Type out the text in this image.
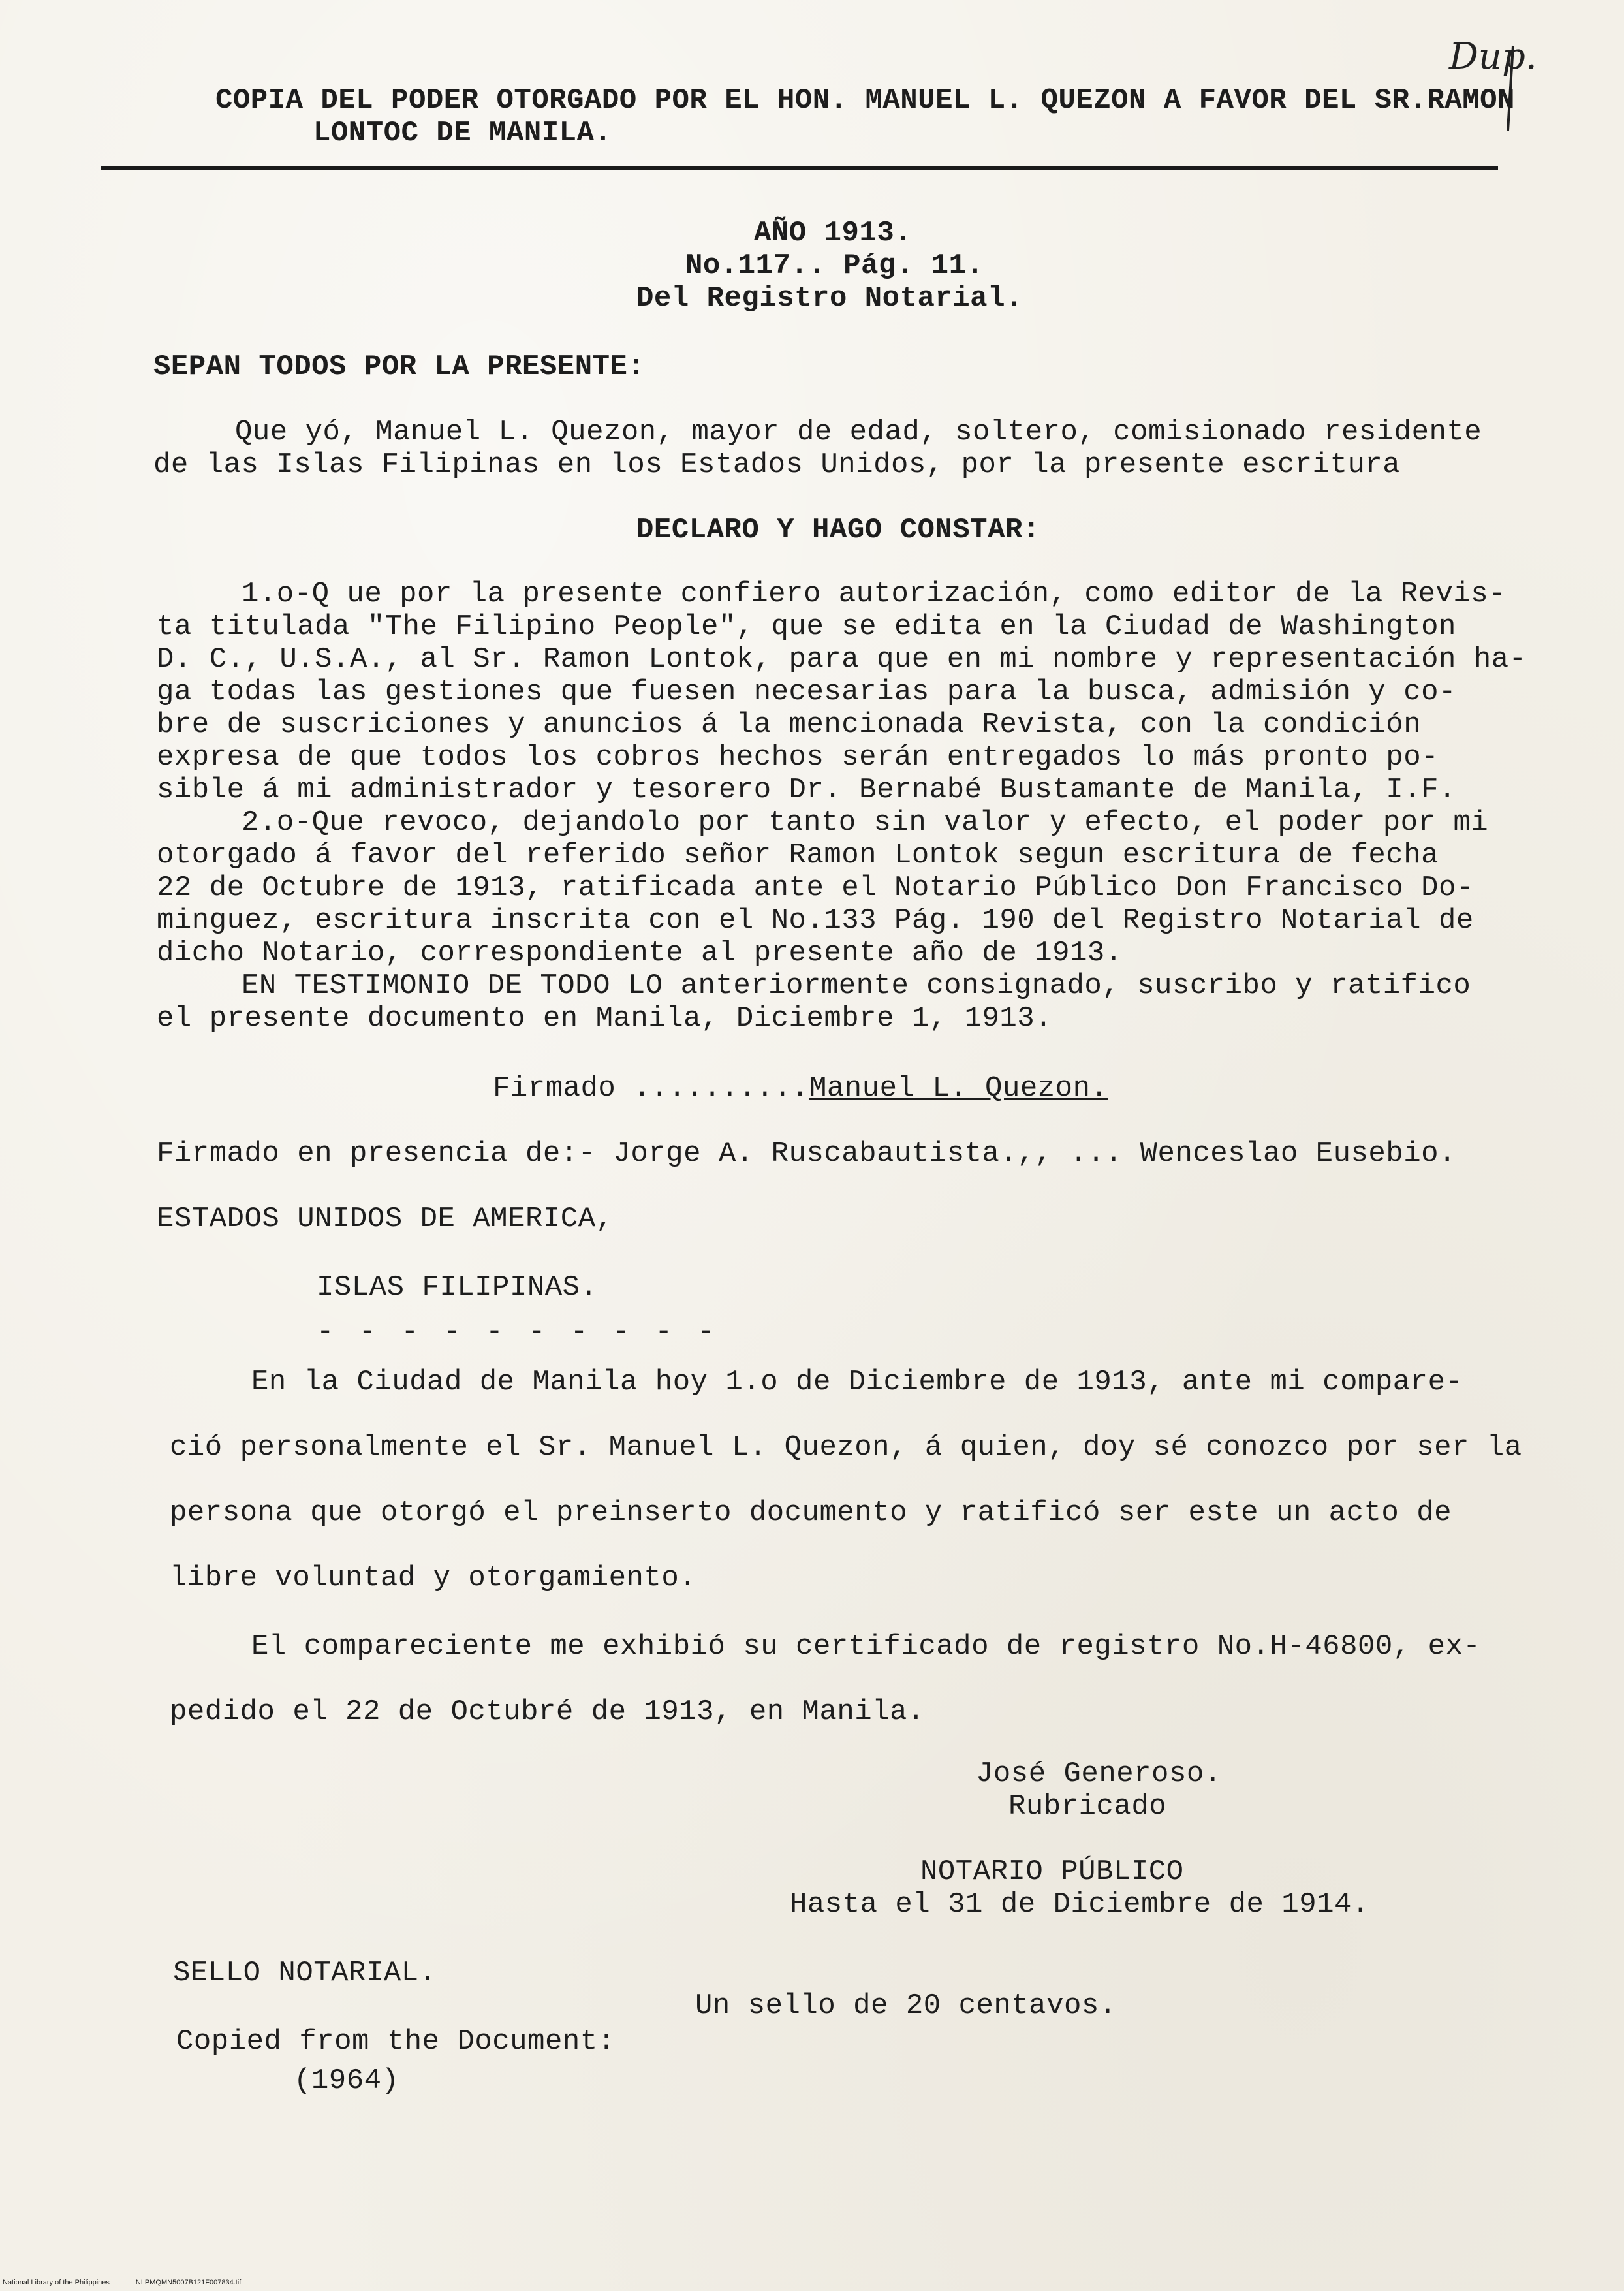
Dup.
COPIA DEL PODER OTORGADO POR EL HON. MANUEL L. QUEZON A FAVOR DEL SR.RAMON
LONTOC DE MANILA.
AÑO 1913.
No.117.. Pág. 11.
Del Registro Notarial.
SEPAN TODOS POR LA PRESENTE:
Que yó, Manuel L. Quezon, mayor de edad, soltero, comisionado residente
de las Islas Filipinas en los Estados Unidos, por la presente escritura
DECLARO Y HAGO CONSTAR:
1.o-Q ue por la presente confiero autorización, como editor de la Revis-
ta titulada "The Filipino People", que se edita en la Ciudad de Washington
D. C., U.S.A., al Sr. Ramon Lontok, para que en mi nombre y representación ha-
ga todas las gestiones que fuesen necesarias para la busca, admisión y co-
bre de suscriciones y anuncios á la mencionada Revista, con la condición
expresa de que todos los cobros hechos serán entregados lo más pronto po-
sible á mi administrador y tesorero Dr. Bernabé Bustamante de Manila, I.F.
2.o-Que revoco, dejandolo por tanto sin valor y efecto, el poder por mi
otorgado á favor del referido señor Ramon Lontok segun escritura de fecha
22 de Octubre de 1913, ratificada ante el Notario Público Don Francisco Do-
minguez, escritura inscrita con el No.133 Pág. 190 del Registro Notarial de
dicho Notario, correspondiente al presente año de 1913.
EN TESTIMONIO DE TODO LO anteriormente consignado, suscribo y ratifico
el presente documento en Manila, Diciembre 1, 1913.
Firmado .......... Manuel L. Quezon.
Firmado en presencia de:- Jorge A. Ruscabautista.,, ... Wenceslao Eusebio.
ESTADOS UNIDOS DE AMERICA,
ISLAS FILIPINAS.
- - - - - - - - - -
En la Ciudad de Manila hoy 1.o de Diciembre de 1913, ante mi compare-
ció personalmente el Sr. Manuel L. Quezon, á quien, doy sé conozco por ser la
persona que otorgó el preinserto documento y ratificó ser este un acto de
libre voluntad y otorgamiento.
El compareciente me exhibió su certificado de registro No.H-46800, ex-
pedido el 22 de Octubré de 1913, en Manila.
José Generoso.
Rubricado
NOTARIO PÚBLICO
Hasta el 31 de Diciembre de 1914.
SELLO NOTARIAL.
Un sello de 20 centavos.
Copied from the Document:
(1964)
National Library of the Philippines	NLPMQMN5007B121F007834.tif
